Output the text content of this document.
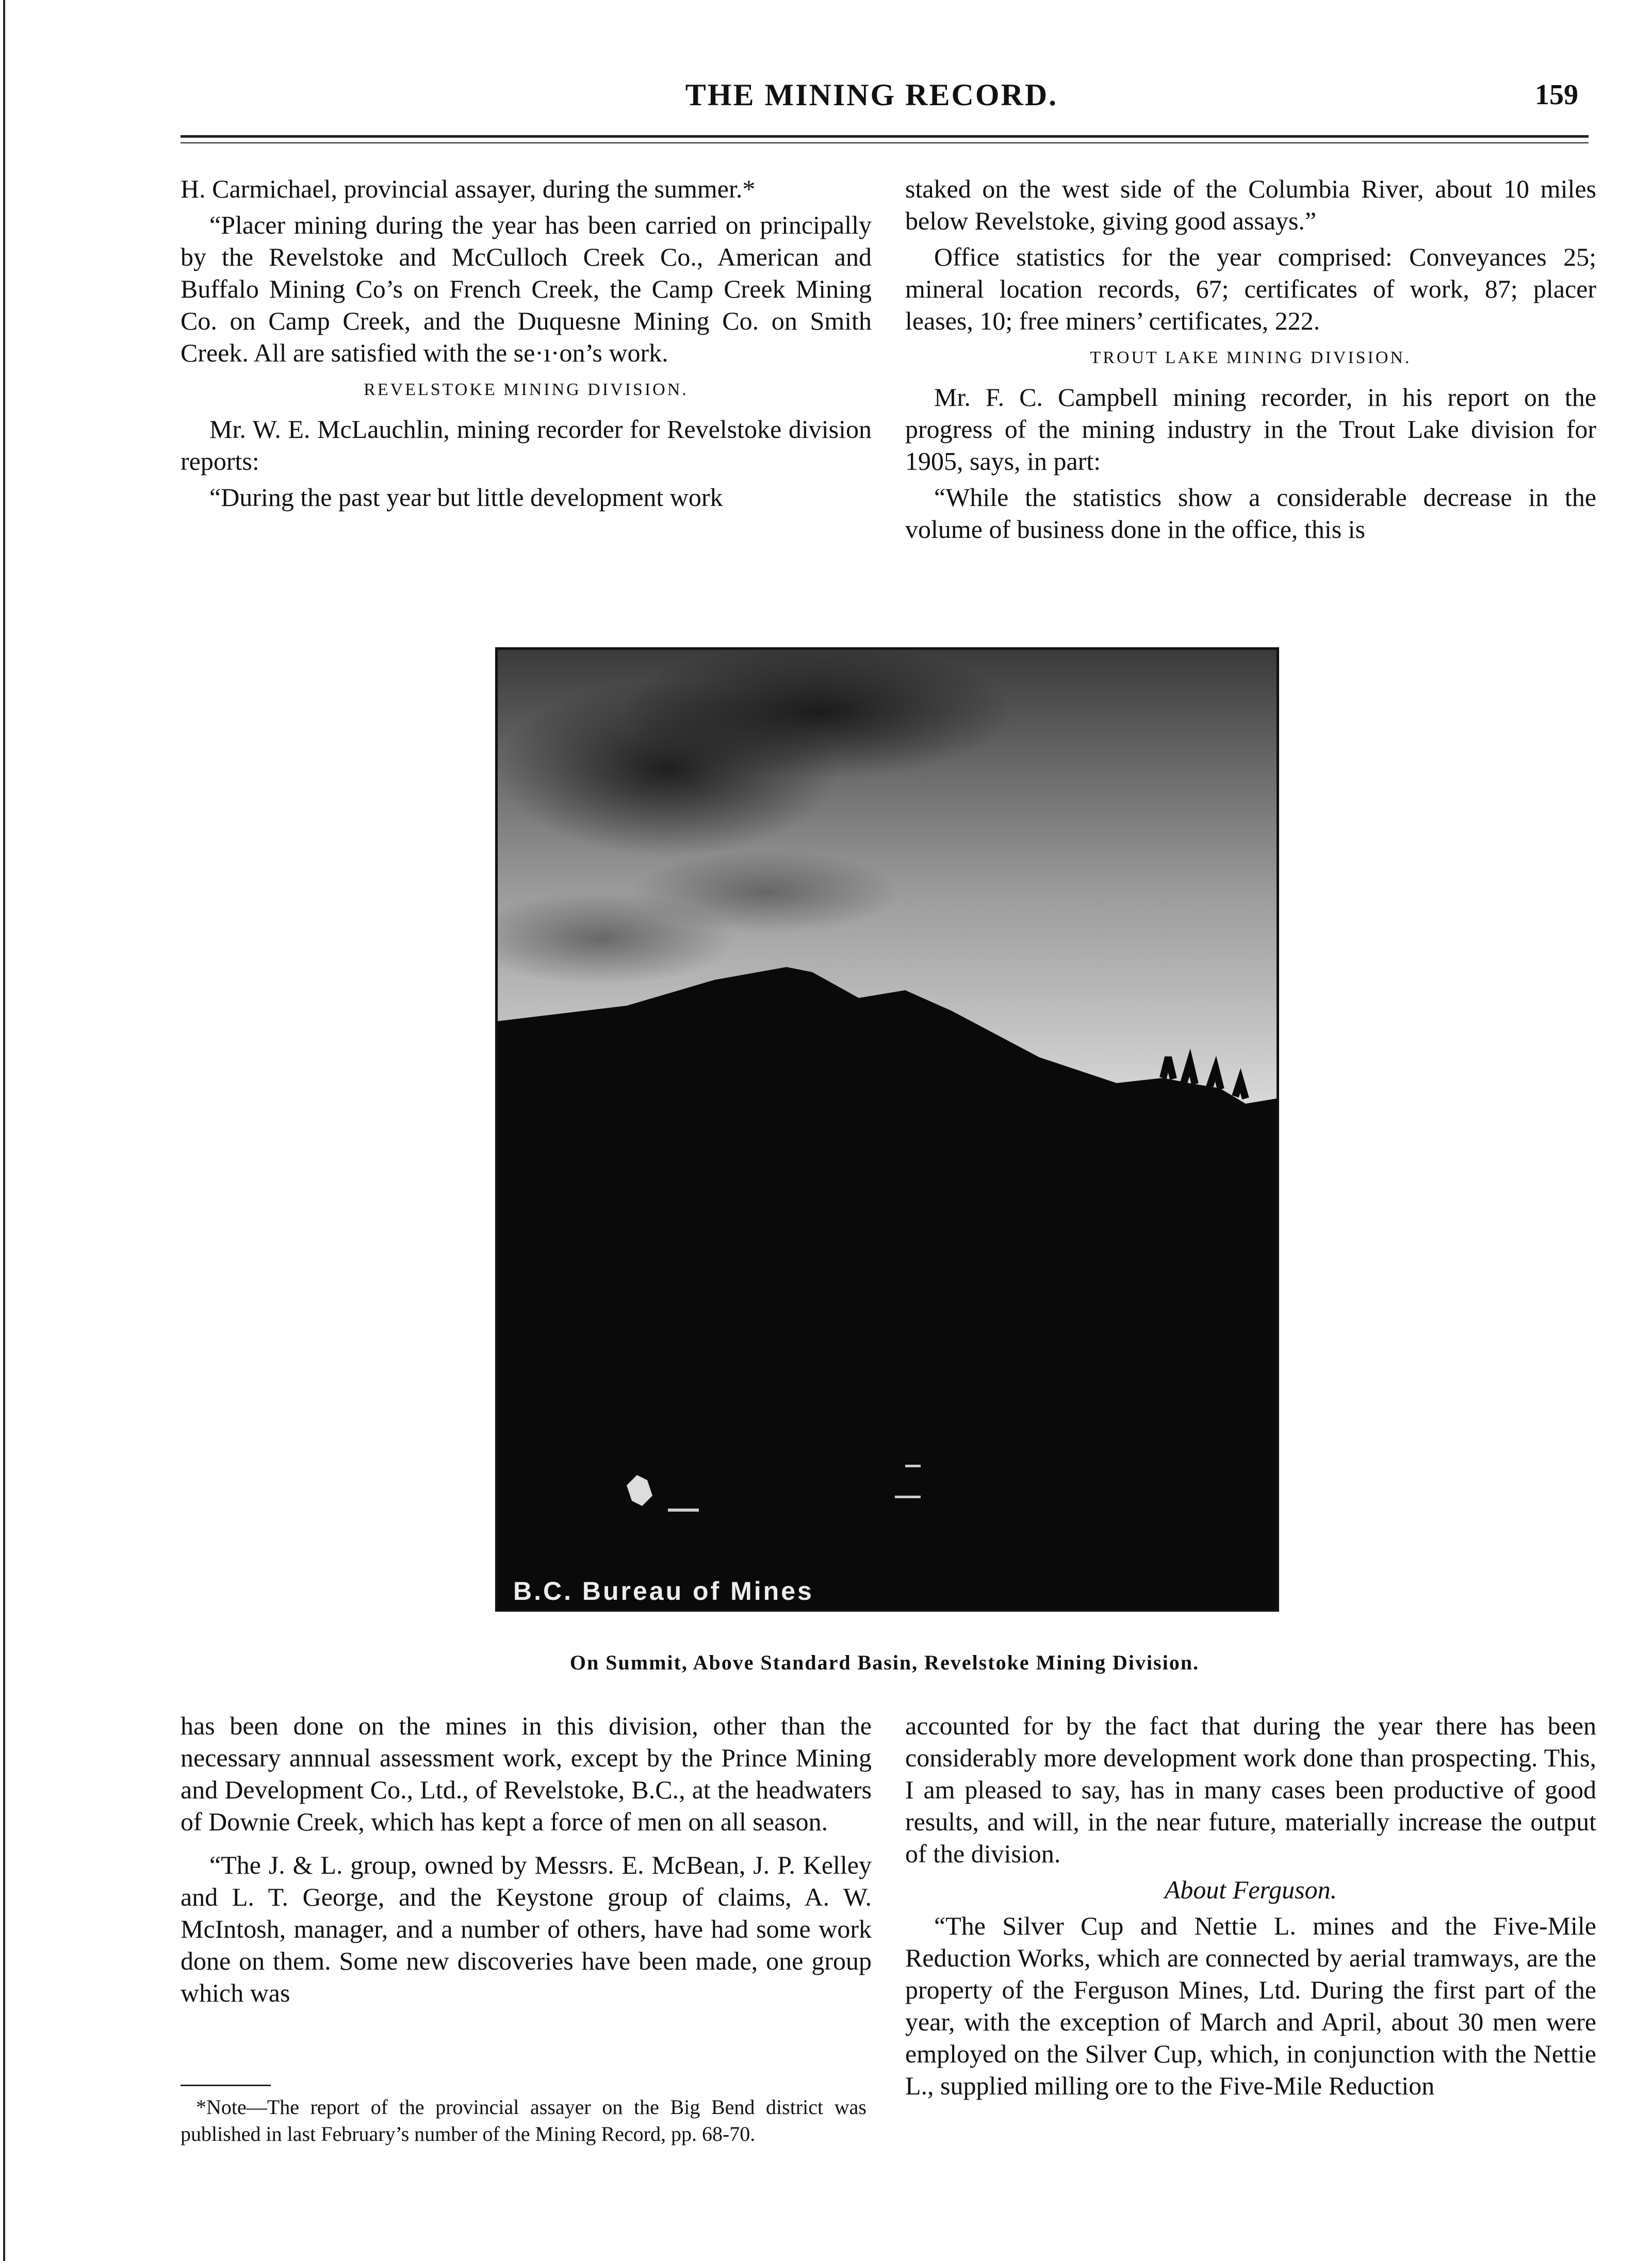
THE MINING RECORD.	159

H. Carmichael, provincial assayer, during the summer.*

“Placer mining during the year has been carried on principally by the Revelstoke and McCulloch Creek Co., American and Buffalo Mining Co’s on French Creek, the Camp Creek Mining Co. on Camp Creek, and the Duquesne Mining Co. on Smith Creek. All are satisfied with the se·ı·on’s work.

REVELSTOKE MINING DIVISION.

Mr. W. E. McLauchlin, mining recorder for Revelstoke division reports:

“During the past year but little development work

staked on the west side of the Columbia River, about 10 miles below Revelstoke, giving good assays.”

Office statistics for the year comprised: Conveyances 25; mineral location records, 67; certificates of work, 87; placer leases, 10; free miners’ certificates, 222.

TROUT LAKE MINING DIVISION.

Mr. F. C. Campbell mining recorder, in his report on the progress of the mining industry in the Trout Lake division for 1905, says, in part:

“While the statistics show a considerable decrease in the volume of business done in the office, this is

B.C. Bureau of Mines
On Summit, Above Standard Basin, Revelstoke Mining Division.

has been done on the mines in this division, other than the necessary annnual assessment work, except by the Prince Mining and Development Co., Ltd., of Revelstoke, B.C., at the headwaters of Downie Creek, which has kept a force of men on all season.

“The J. & L. group, owned by Messrs. E. McBean, J. P. Kelley and L. T. George, and the Keystone group of claims, A. W. McIntosh, manager, and a number of others, have had some work done on them. Some new discoveries have been made, one group which was

accounted for by the fact that during the year there has been considerably more development work done than prospecting. This, I am pleased to say, has in many cases been productive of good results, and will, in the near future, materially increase the output of the division.

About Ferguson.

“The Silver Cup and Nettie L. mines and the Five-Mile Reduction Works, which are connected by aerial tramways, are the property of the Ferguson Mines, Ltd. During the first part of the year, with the exception of March and April, about 30 men were employed on the Silver Cup, which, in conjunction with the Nettie L., supplied milling ore to the Five-Mile Reduction

*Note—The report of the provincial assayer on the Big Bend district was published in last February’s number of the Mining Record, pp. 68-70.
